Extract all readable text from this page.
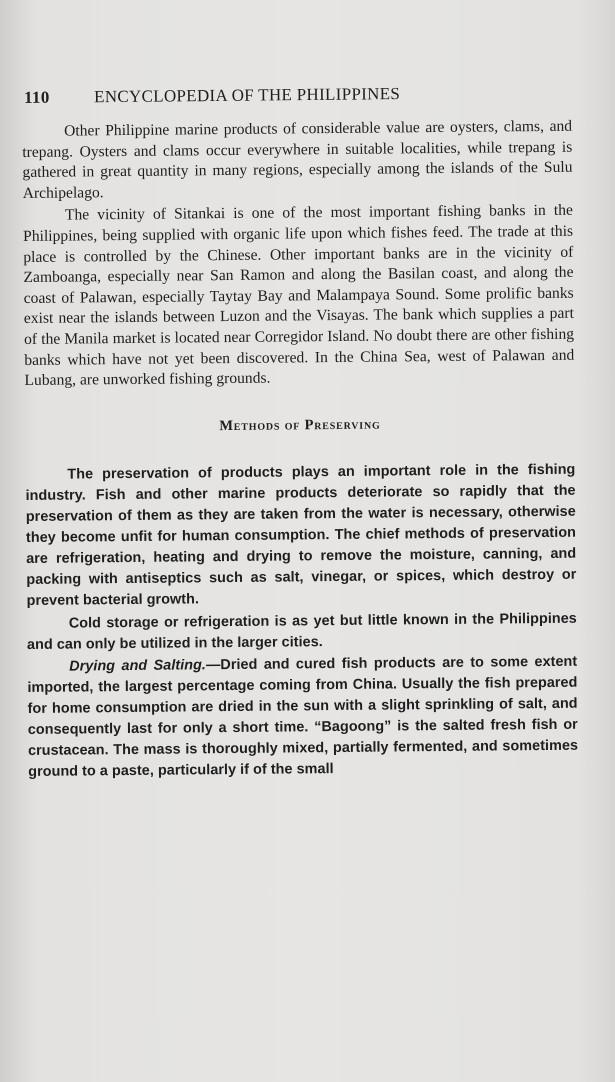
110	ENCYCLOPEDIA OF THE PHILIPPINES

Other Philippine marine products of considerable value are oysters, clams, and trepang. Oysters and clams occur everywhere in suitable localities, while trepang is gathered in great quantity in many regions, especially among the islands of the Sulu Archipelago.

The vicinity of Sitankai is one of the most important fishing banks in the Philippines, being supplied with organic life upon which fishes feed. The trade at this place is controlled by the Chinese. Other important banks are in the vicinity of Zamboanga, especially near San Ramon and along the Basilan coast, and along the coast of Palawan, especially Taytay Bay and Malampaya Sound. Some prolific banks exist near the islands between Luzon and the Visayas. The bank which supplies a part of the Manila market is located near Corregidor Island. No doubt there are other fishing banks which have not yet been discovered. In the China Sea, west of Palawan and Lubang, are unworked fishing grounds.

Methods of Preserving

The preservation of products plays an important role in the fishing industry. Fish and other marine products deteriorate so rapidly that the preservation of them as they are taken from the water is necessary, otherwise they become unfit for human consumption. The chief methods of preservation are refrigeration, heating and drying to remove the moisture, canning, and packing with antiseptics such as salt, vinegar, or spices, which destroy or prevent bacterial growth.

Cold storage or refrigeration is as yet but little known in the Philippines and can only be utilized in the larger cities.

Drying and Salting.—Dried and cured fish products are to some extent imported, the largest percentage coming from China. Usually the fish prepared for home consumption are dried in the sun with a slight sprinkling of salt, and consequently last for only a short time. “Bagoong” is the salted fresh fish or crustacean. The mass is thoroughly mixed, partially fermented, and sometimes ground to a paste, particularly if of the small
